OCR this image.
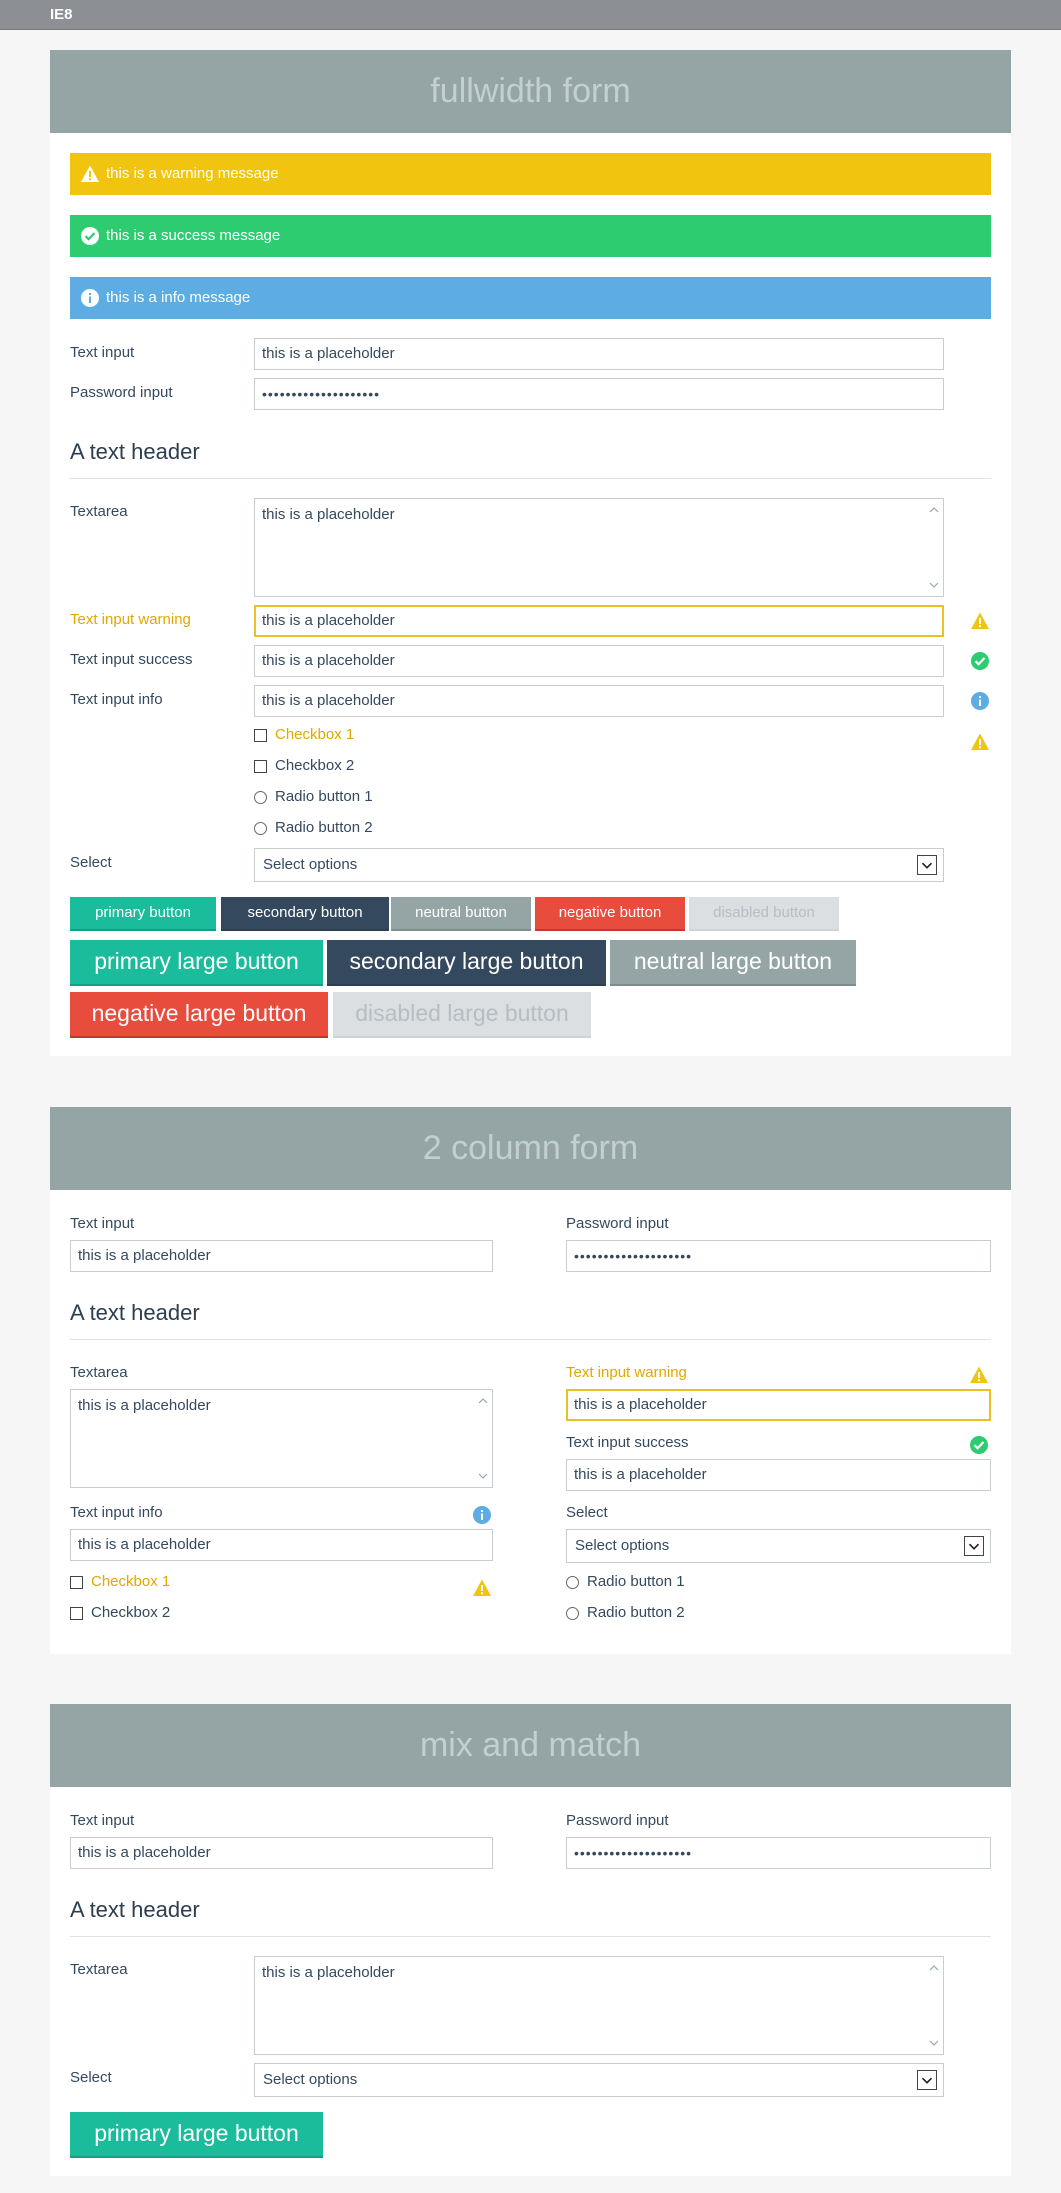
IE8
fullwidth form
this is a warning message
this is a success message
this is a info message
Text input	this is a placeholder
Password input	••••••••••••••••••••
A text header
Textarea	this is a placeholder
Text input warning	this is a placeholder
Text input success	this is a placeholder
Text input info	this is a placeholder
Checkbox 1
Checkbox 2
Radio button 1
Radio button 2
Select	Select options
primary button	secondary button	neutral button	negative button	disabled button
primary large button	secondary large button	neutral large button
negative large button	disabled large button
2 column form
Text input
this is a placeholder
Password input
••••••••••••••••••••
A text header
Textarea
this is a placeholder
Text input warning
this is a placeholder
Text input success
this is a placeholder
Text input info
this is a placeholder
Select
Select options
Checkbox 1
Checkbox 2
Radio button 1
Radio button 2
mix and match
Text input
this is a placeholder
Password input
••••••••••••••••••••
A text header
Textarea	this is a placeholder
Select	Select options
primary large button
